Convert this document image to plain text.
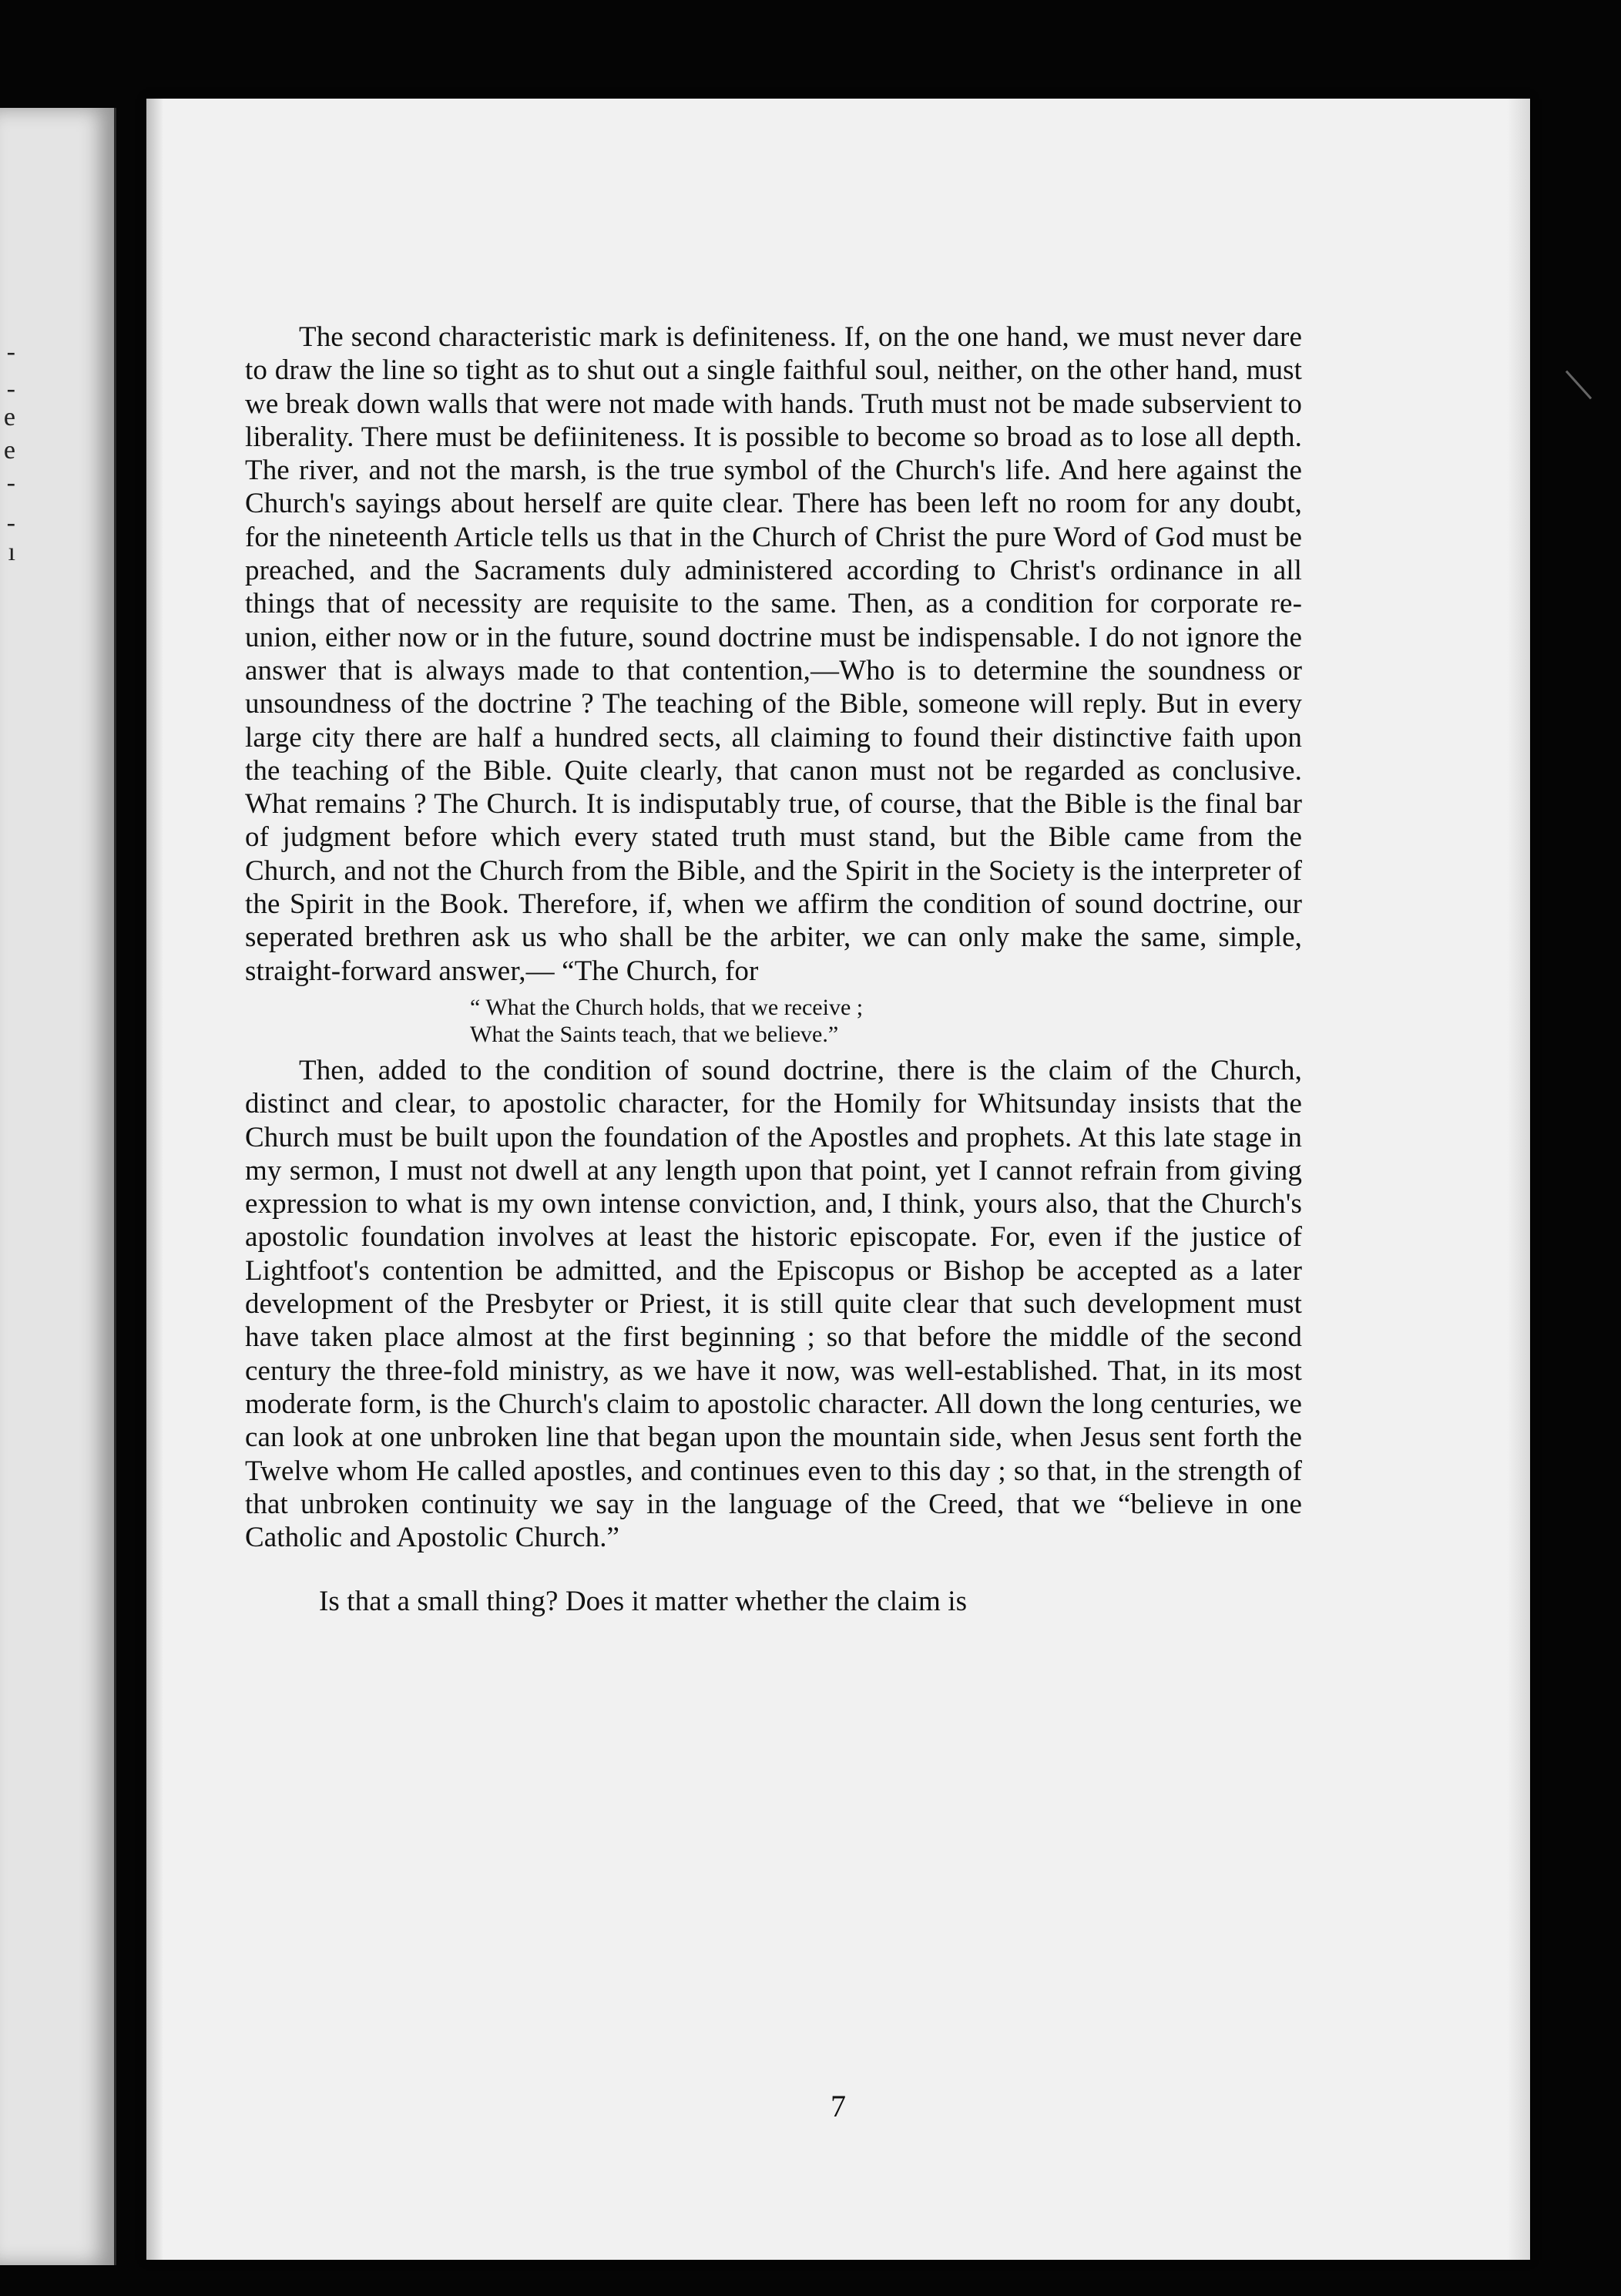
-
-
e
e
-
-
ı

The second characteristic mark is definiteness. If, on the one hand, we must never dare to draw the line so tight as to shut out a single faithful soul, neither, on the other hand, must we break down walls that were not made with hands. Truth must not be made subservient to liberality. There must be defiiniteness. It is possible to become so broad as to lose all depth. The river, and not the marsh, is the true symbol of the Church's life. And here against the Church's sayings about herself are quite clear. There has been left no room for any doubt, for the nineteenth Article tells us that in the Church of Christ the pure Word of God must be preached, and the Sacraments duly administered according to Christ's ordinance in all things that of necessity are requisite to the same. Then, as a condition for corporate re-union, either now or in the future, sound doctrine must be indispensable. I do not ignore the answer that is always made to that contention,—Who is to determine the soundness or unsoundness of the doctrine ? The teaching of the Bible, someone will reply. But in every large city there are half a hundred sects, all claiming to found their distinctive faith upon the teaching of the Bible. Quite clearly, that canon must not be regarded as conclusive. What remains ? The Church. It is indisputably true, of course, that the Bible is the final bar of judgment before which every stated truth must stand, but the Bible came from the Church, and not the Church from the Bible, and the Spirit in the Society is the interpreter of the Spirit in the Book. Therefore, if, when we affirm the condition of sound doctrine, our seperated brethren ask us who shall be the arbiter, we can only make the same, simple, straight-forward answer,— “The Church, for

“ What the Church holds, that we receive ;
What the Saints teach, that we believe.”

Then, added to the condition of sound doctrine, there is the claim of the Church, distinct and clear, to apostolic character, for the Homily for Whitsunday insists that the Church must be built upon the foundation of the Apostles and prophets. At this late stage in my sermon, I must not dwell at any length upon that point, yet I cannot refrain from giving expression to what is my own intense conviction, and, I think, yours also, that the Church's apostolic foundation involves at least the historic episcopate. For, even if the justice of Lightfoot's contention be admitted, and the Episcopus or Bishop be accepted as a later development of the Presbyter or Priest, it is still quite clear that such development must have taken place almost at the first beginning ; so that before the middle of the second century the three-fold ministry, as we have it now, was well-established. That, in its most moderate form, is the Church's claim to apostolic character. All down the long centuries, we can look at one unbroken line that began upon the mountain side, when Jesus sent forth the Twelve whom He called apostles, and continues even to this day ; so that, in the strength of that unbroken continuity we say in the language of the Creed, that we “believe in one Catholic and Apostolic Church.”

Is that a small thing? Does it matter whether the claim is

7
